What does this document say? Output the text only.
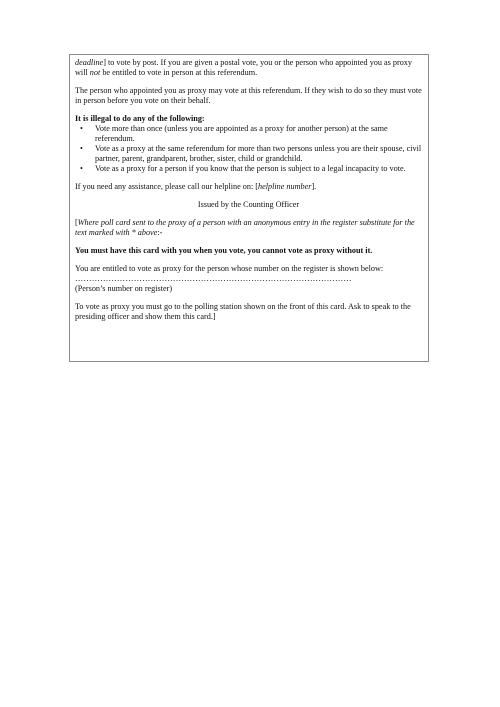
deadline] to vote by post. If you are given a postal vote, you or the person who appointed you as proxy will not be entitled to vote in person at this referendum.

The person who appointed you as proxy may vote at this referendum. If they wish to do so they must vote in person before you vote on their behalf.

It is illegal to do any of the following:

• Vote more than once (unless you are appointed as a proxy for another person) at the same referendum.
• Vote as a proxy at the same referendum for more than two persons unless you are their spouse, civil partner, parent, grandparent, brother, sister, child or grandchild.
• Vote as a proxy for a person if you know that the person is subject to a legal incapacity to vote.

If you need any assistance, please call our helpline on: [helpline number].

Issued by the Counting Officer

[Where poll card sent to the proxy of a person with an anonymous entry in the register substitute for the text marked with * above:-

You must have this card with you when you vote, you cannot vote as proxy without it.

You are entitled to vote as proxy for the person whose number on the register is shown below:

………………………………………………………………………………………

(Person’s number on register)

To vote as proxy you must go to the polling station shown on the front of this card. Ask to speak to the presiding officer and show them this card.]
